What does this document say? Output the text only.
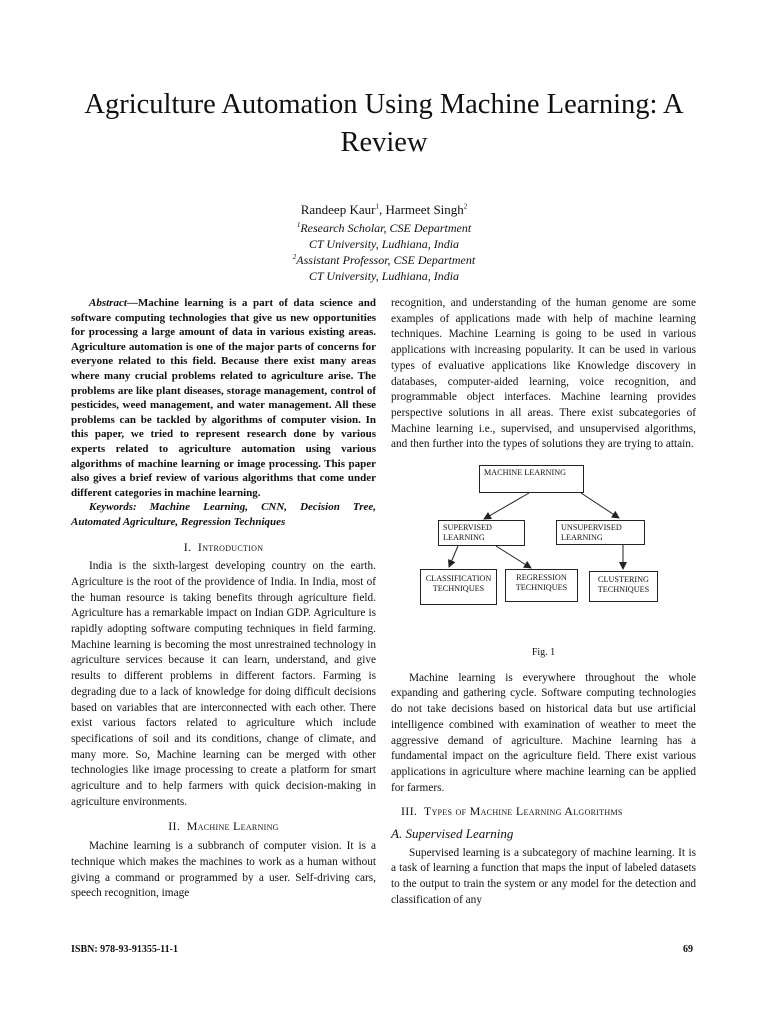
Agriculture Automation Using Machine Learning: A Review
Randeep Kaur$^1$, Harmeet Singh$^2$
$^1$Research Scholar, CSE Department
CT University, Ludhiana, India
$^2$Assistant Professor, CSE Department
CT University, Ludhiana, India

Abstract—Machine learning is a part of data science and software computing technologies that give us new opportunities for processing a large amount of data in various existing areas. Agriculture automation is one of the major parts of concerns for everyone related to this field. Because there exist many areas where many crucial problems related to agriculture arise. The problems are like plant diseases, storage management, control of pesticides, weed management, and water management. All these problems can be tackled by algorithms of computer vision. In this paper, we tried to represent research done by various experts related to agriculture automation using various algorithms of machine learning or image processing. This paper also gives a brief review of various algorithms that come under different categories in machine learning.

Keywords: Machine Learning, CNN, Decision Tree, Automated Agriculture, Regression Techniques

I. Introduction

India is the sixth-largest developing country on the earth. Agriculture is the root of the providence of India. In India, most of the human resource is taking benefits through agriculture field. Agriculture has a remarkable impact on Indian GDP. Agriculture is rapidly adopting software computing techniques in field farming. Machine learning is becoming the most unrestrained technology in agriculture services because it can learn, understand, and give results to different problems in different factors. Farming is degrading due to a lack of knowledge for doing difficult decisions based on variables that are interconnected with each other. There exist various factors related to agriculture which include specifications of soil and its conditions, change of climate, and many more. So, Machine learning can be merged with other technologies like image processing to create a platform for smart agriculture and to help farmers with quick decision-making in agriculture environments.

II. Machine Learning

Machine learning is a subbranch of computer vision. It is a technique which makes the machines to work as a human without giving a command or programmed by a user. Self-driving cars, speech recognition, image

recognition, and understanding of the human genome are some examples of applications made with help of machine learning techniques. Machine Learning is going to be used in various applications with increasing popularity. It can be used in various types of evaluative applications like Knowledge discovery in databases, computer-aided learning, voice recognition, and programmable object interfaces. Machine learning provides perspective solutions in all areas. There exist subcategories of Machine learning i.e., supervised, and unsupervised algorithms, and then further into the types of solutions they are trying to attain.

MACHINE LEARNING
SUPERVISED LEARNING
UNSUPERVISED LEARNING
CLASSIFICATION TECHNIQUES
REGRESSION TECHNIQUES
CLUSTERING TECHNIQUES
Fig. 1

Machine learning is everywhere throughout the whole expanding and gathering cycle. Software computing technologies do not take decisions based on historical data but use artificial intelligence combined with examination of weather to meet the aggressive demand of agriculture. Machine learning has a fundamental impact on the agriculture field. There exist various applications in agriculture where machine learning can be applied for farmers.

III. Types of Machine Learning Algorithms
A. Supervised Learning

Supervised learning is a subcategory of machine learning. It is a task of learning a function that maps the input of labeled datasets to the output to train the system or any model for the detection and classification of any

ISBN: 978-93-91355-11-1	69
